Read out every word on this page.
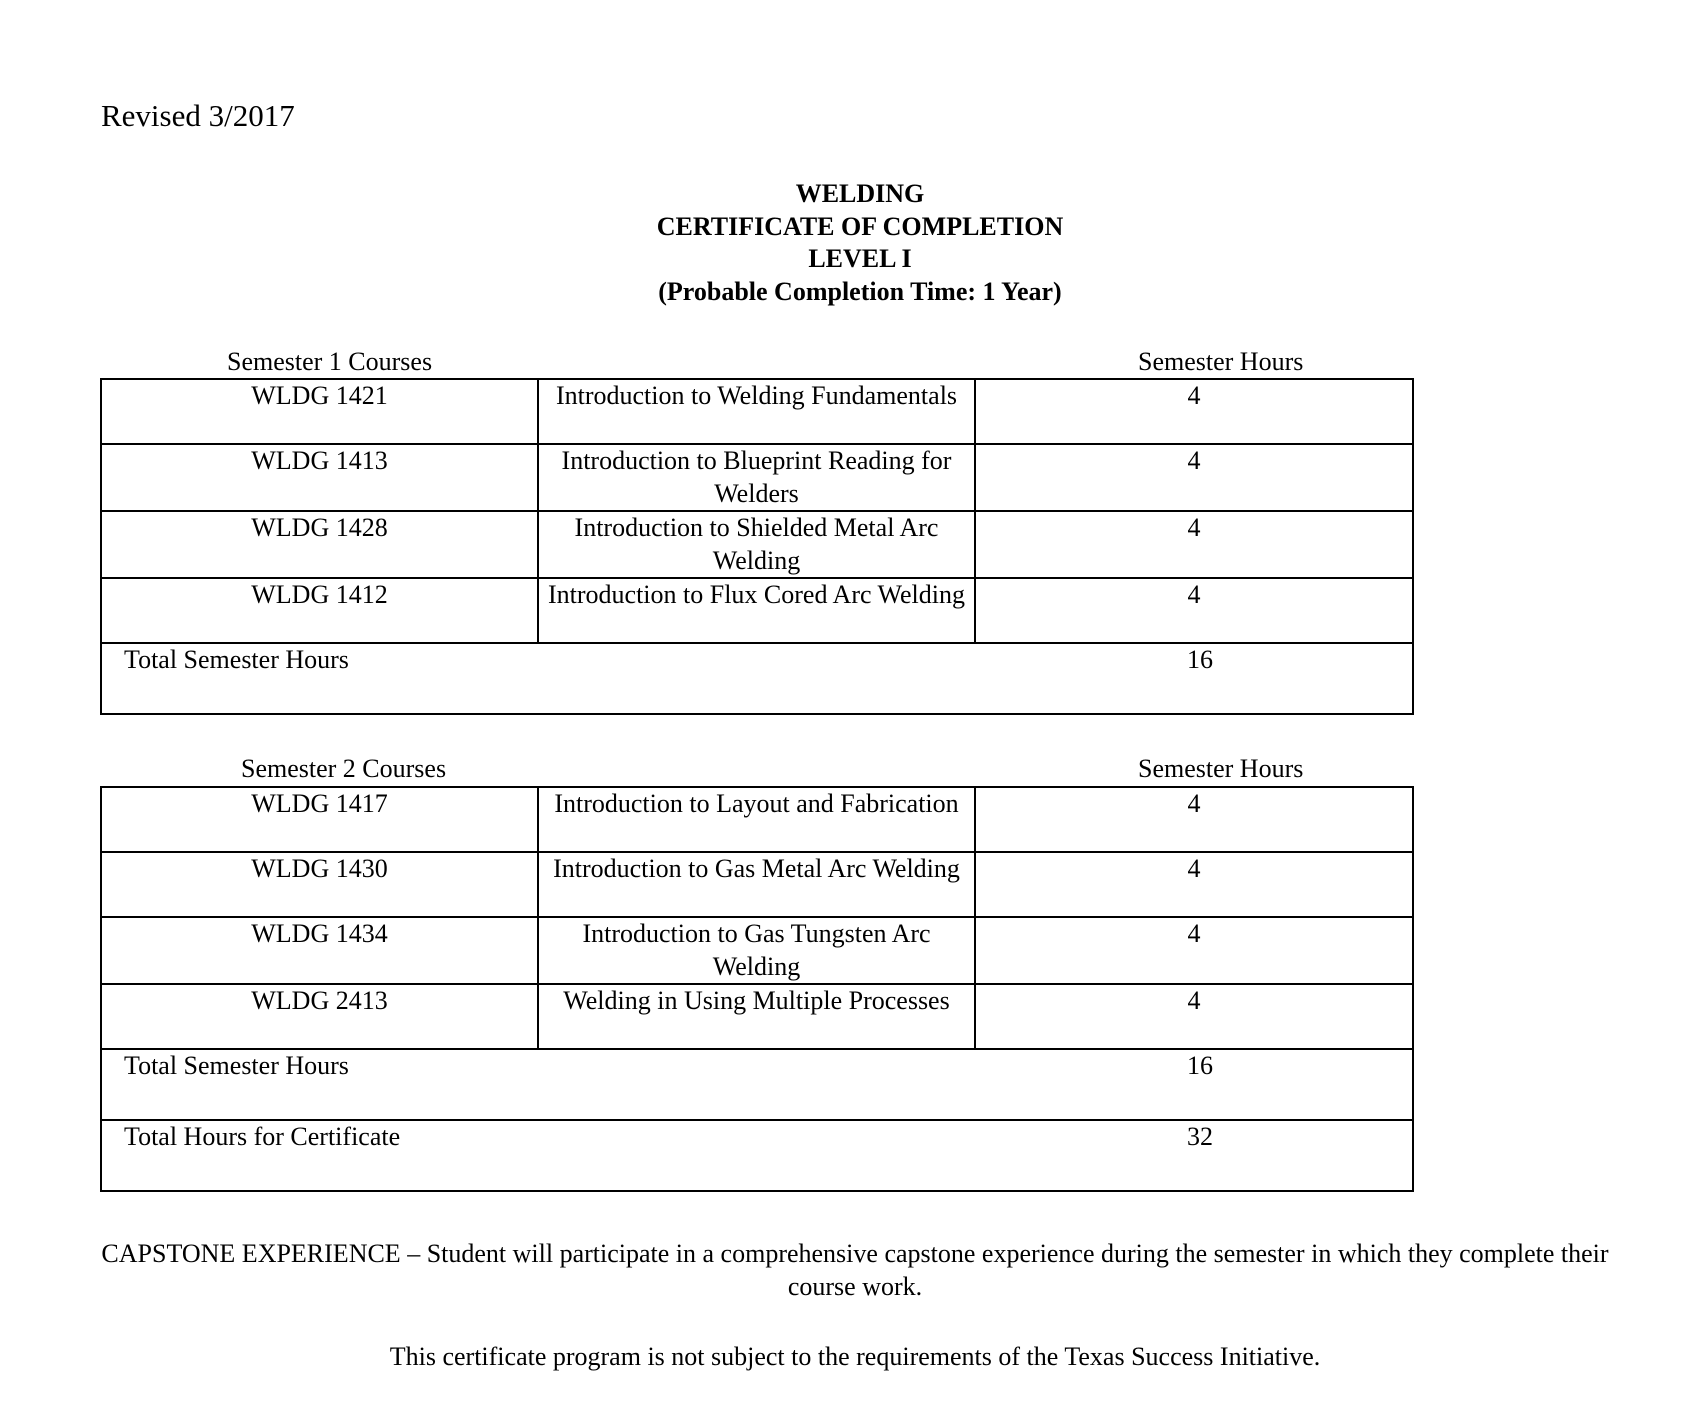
Revised 3/2017
WELDING
CERTIFICATE OF COMPLETION
LEVEL I
(Probable Completion Time: 1 Year)
Semester 1 Courses	Semester Hours
WLDG 1421	Introduction to Welding Fundamentals	4
WLDG 1413	Introduction to Blueprint Reading for Welders	4
WLDG 1428	Introduction to Shielded Metal Arc Welding	4
WLDG 1412	Introduction to Flux Cored Arc Welding	4

Total Semester Hours 16		
Semester 2 Courses	Semester Hours
WLDG 1417	Introduction to Layout and Fabrication	4
WLDG 1430	Introduction to Gas Metal Arc Welding	4
WLDG 1434	Introduction to Gas Tungsten Arc Welding	4
WLDG 2413	Welding in Using Multiple Processes	4

Total Semester Hours 16		

Total Hours for Certificate 32		
CAPSTONE EXPERIENCE – Student will participate in a comprehensive capstone experience during the semester in which they complete their course work.
This certificate program is not subject to the requirements of the Texas Success Initiative.
